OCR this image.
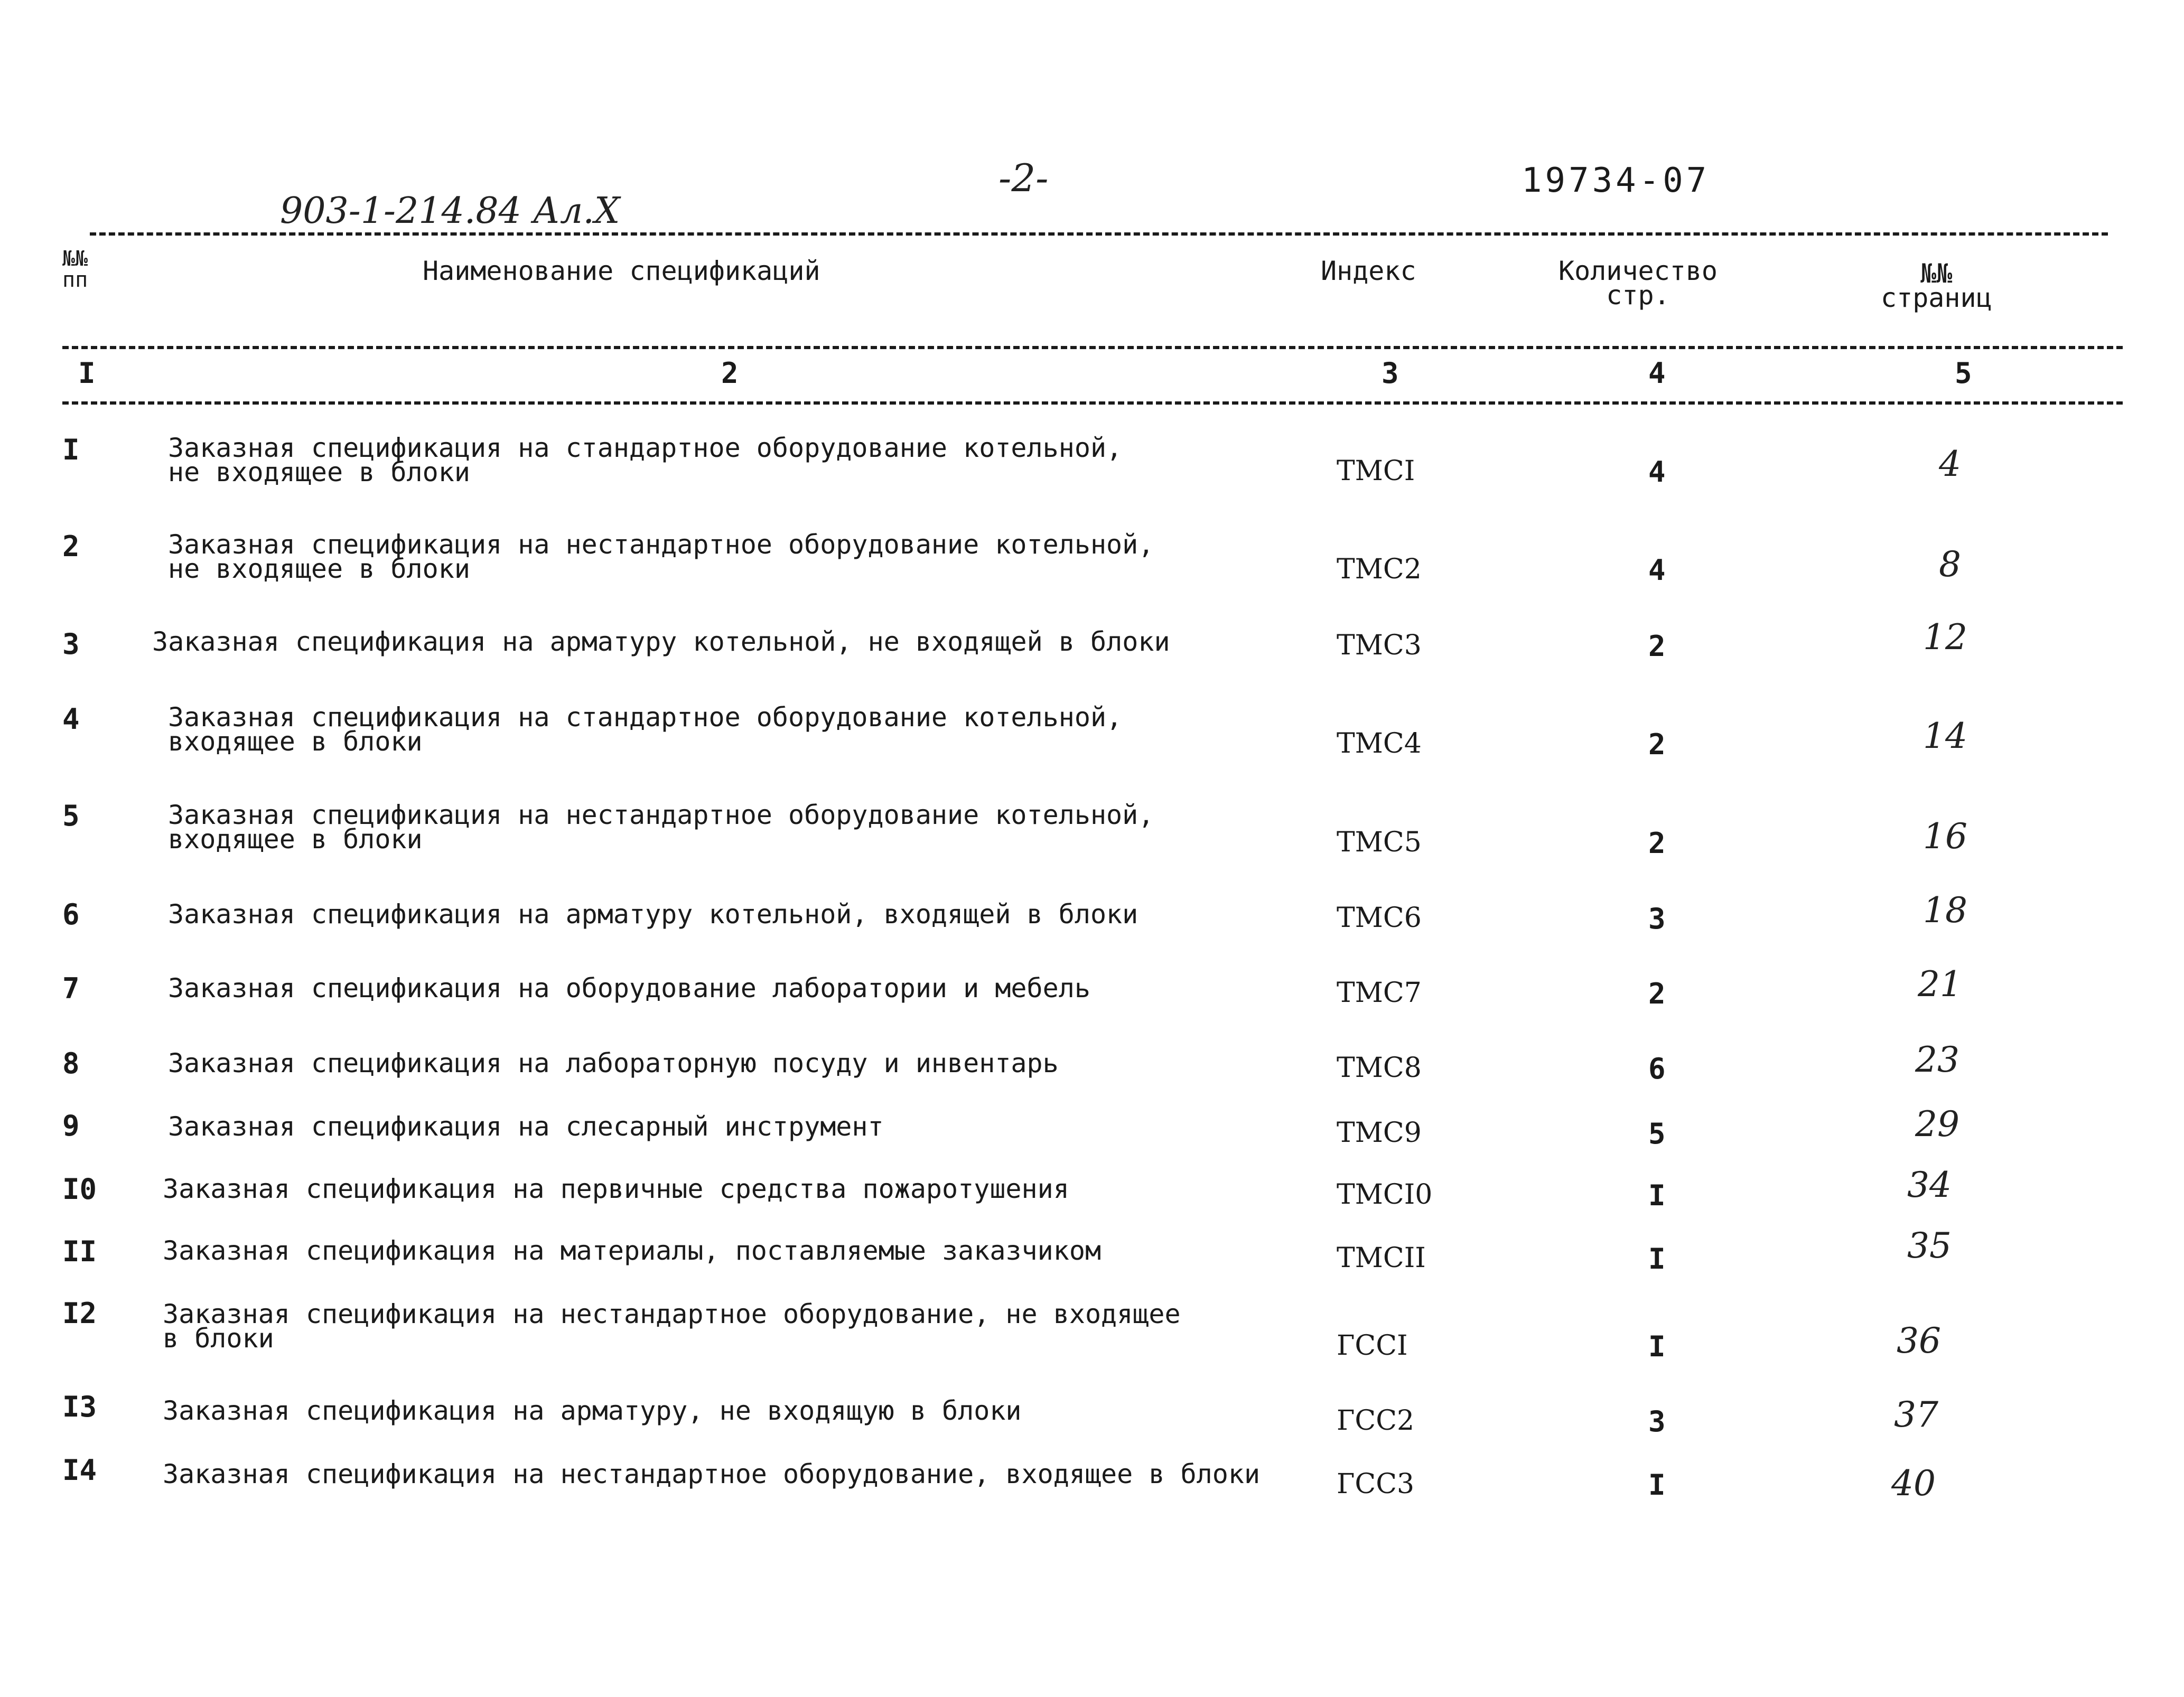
903-1-214.84 Ал.X
-2-	19734-07
№№
пп	Наименование спецификаций	Индекс	Количество
стр.
№№
страниц
I	2	3	4	5
I	Заказная спецификация на стандартное оборудование котельной,
не входящее в блоки	ТМСI	4	4
2	Заказная спецификация на нестандартное оборудование котельной,
не входящее в блоки	ТМС2	4	8
3	Заказная спецификация на арматуру котельной, не входящей в блоки	ТМС3	2	12
4	Заказная спецификация на стандартное оборудование котельной,
входящее в блоки	ТМС4	2	14
5	Заказная спецификация на нестандартное оборудование котельной,
входящее в блоки	ТМС5	2	16
6	Заказная спецификация на арматуру котельной, входящей в блоки	ТМС6	3	18
7	Заказная спецификация на оборудование лаборатории и мебель	ТМС7	2	21
8	Заказная спецификация на лабораторную посуду и инвентарь	ТМС8	6	23
9	Заказная спецификация на слесарный инструмент	ТМС9	5	29
I0 Заказная спецификация на первичные средства пожаротушения	ТМСI0	I	34
II Заказная спецификация на материалы, поставляемые заказчиком	ТМСII	I	35
I2 Заказная спецификация на нестандартное оборудование, не входящее
в блоки	ГССI	I	36
I3 Заказная спецификация на арматуру, не входящую в блоки	ГСС2	3	37
I4 Заказная спецификация на нестандартное оборудование, входящее в блоки	ГСС3	I	40
